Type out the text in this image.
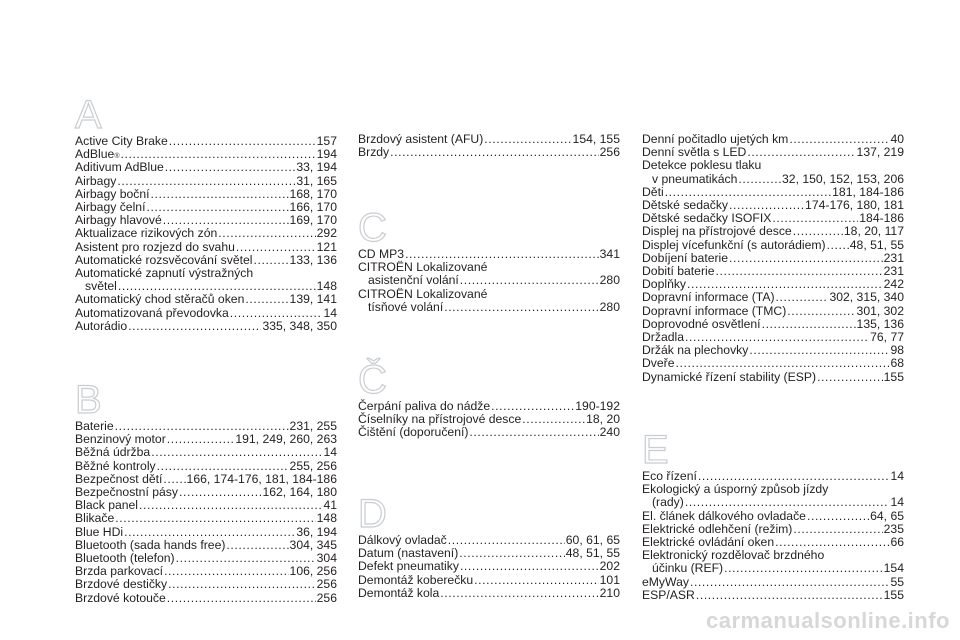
A
Active City Brake .....	157
AdBlue ® .....	194
Aditivum AdBlue .....	33, 194
Airbagy .....	31, 165
Airbagy boční .....	168, 170
Airbagy čelní .....	166, 170
Airbagy hlavové .....	169, 170
Aktualizace rizikových zón .....	292
Asistent pro rozjezd do svahu .....	121
Automatické rozsvěcování světel .....	133, 136
Automatické zapnutí výstražných
světel .....	148
Automatický chod stěračů oken .....	139, 141
Automatizovaná převodovka .....	14
Autorádio .....	335, 348, 350
B
Baterie .....	231, 255
Benzinový motor .....	191, 249, 260, 263
Běžná údržba .....	14
Běžné kontroly .....	255, 256
Bezpečnost dětí ..... 166, 174-176, 181, 184-186
Bezpečnostní pásy .....	162, 164, 180
Black panel .....	41
Blikače .....	148
Blue HDi .....	36, 194
Bluetooth (sada hands free) .....	304, 345
Bluetooth (telefon) .....	304
Brzda parkovací .....	106, 256
Brzdové destičky .....	256
Brzdové kotouče .....	256
Brzdový asistent (AFU) .....	154, 155
Brzdy .....	256
C
CD MP3 .....	341
CITROËN Lokalizované
asistenční volání .....	280
CITROËN Lokalizované
tísňové volání .....	280
Č
Čerpání paliva do nádže .....	190-192
Číselníky na přístrojové desce .....	18, 20
Čištění (doporučení) .....	240
D
Dálkový ovladač .....	60, 61, 65
Datum (nastavení) .....	48, 51, 55
Defekt pneumatiky .....	202
Demontáž koberečku .....	101
Demontáž kola .....	210
Denní počitadlo ujetých km .....	40
Denní světla s LED .....	137, 219
Detekce poklesu tlaku
v pneumatikách .....	32, 150, 152, 153, 206
Děti .....	181, 184-186
Dětské sedačky .....	174-176, 180, 181
Dětské sedačky ISOFIX .....	184-186
Displej na přístrojové desce .....	18, 20, 117
Displej vícefunkční (s autorádiem) ..... 48, 51, 55
Dobíjení baterie .....	231
Dobití baterie .....	231
Doplňky .....	242
Dopravní informace (TA) .....	302, 315, 340
Dopravní informace (TMC) .....	301, 302
Doprovodné osvětlení .....	135, 136
Držadla .....	76, 77
Držák na plechovky .....	98
Dveře .....	68
Dynamické řízení stability (ESP) .....	155
E
Eco řízení .....	14
Ekologický a úsporný způsob jízdy
(rady) .....	14
El. článek dálkového ovladače .....	64, 65
Elektrické odlehčení (režim) .....	235
Elektrické ovládání oken .....	66
Elektronický rozdělovač brzdného
účinku (REF) .....	154
eMyWay .....	55
ESP/ASR .....	155
carmanualsonline.info
